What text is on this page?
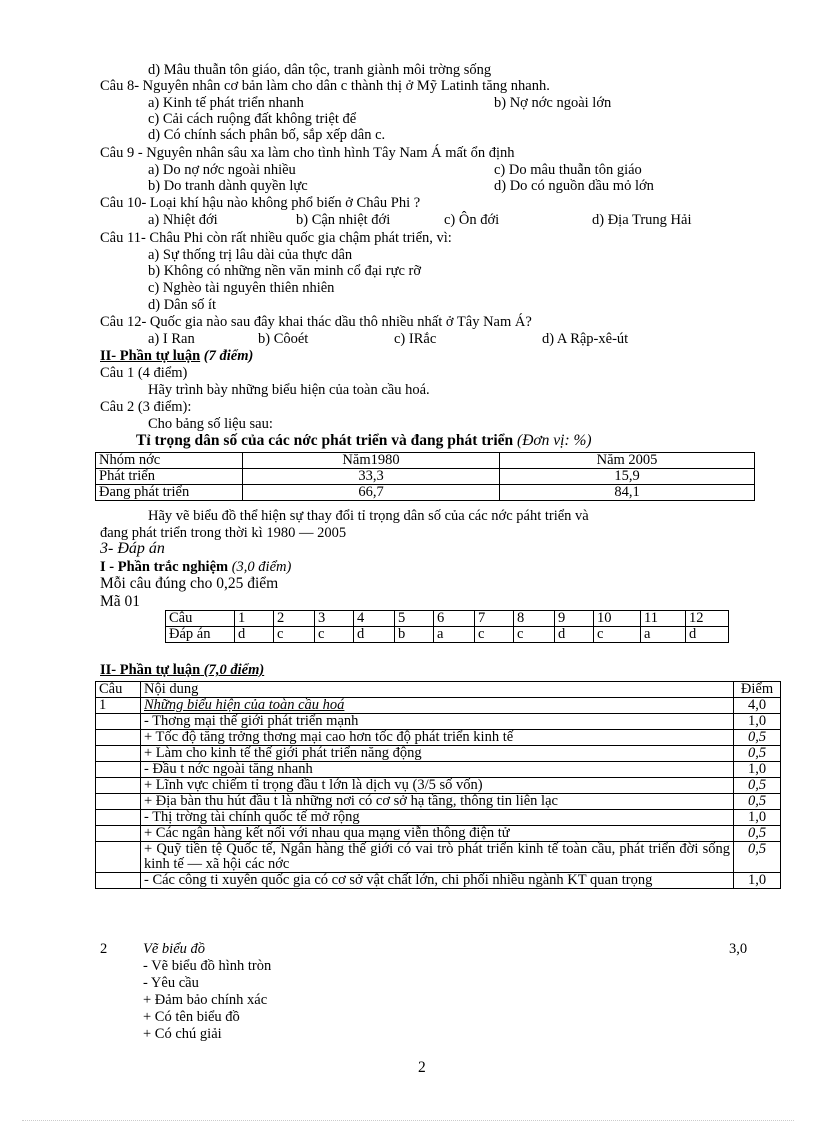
d) Mâu thuẫn tôn giáo, dân tộc, tranh giành môi trờng sống
Câu 8- Nguyên nhân cơ bản làm cho dân c thành thị ở Mỹ Latinh tăng nhanh.
a) Kinh tế phát triển nhanh	b) Nợ nớc ngoài lớn
c) Cải cách ruộng đất không triệt để
d) Có chính sách phân bố, sắp xếp dân c.
Câu 9 - Nguyên nhân sâu xa làm cho tình hình Tây Nam Á mất ổn định
a) Do nợ nớc ngoài nhiều	c) Do mâu thuẫn tôn giáo
b) Do tranh dành quyền lực	d) Do có nguồn dầu mỏ lớn
Câu 10- Loại khí hậu nào không phổ biến ở Châu Phi ?
a) Nhiệt đới	b) Cận nhiệt đới	c) Ôn đới	d) Địa Trung Hải
Câu 11- Châu Phi còn rất nhiều quốc gia chậm phát triển, vì:
a) Sự thống trị lâu dài của thực dân
b) Không có những nền văn minh cổ đại rực rỡ
c) Nghèo tài nguyên thiên nhiên
d) Dân số ít
Câu 12- Quốc gia nào sau đây khai thác dầu thô nhiều nhất ở Tây Nam Á?
a) I Ran	b) Côoét	c) IRắc	d) A Rập-xê-út
II- Phần tự luận (7 điểm)
Câu 1 (4 điểm)
Hãy trình bày những biểu hiện của toàn cầu hoá.
Câu 2 (3 điểm):
Cho bảng số liệu sau:
Tỉ trọng dân số của các nớc phát triển và đang phát triển (Đơn vị: %)
Nhóm nớc	Năm1980	Năm 2005
Phát triển	33,3	15,9
Đang phát triển	66,7	84,1
Hãy vẽ biểu đồ thể hiện sự thay đổi tỉ trọng dân số của các nớc páht triển và
đang phát triển trong thời kì 1980 — 2005
3- Đáp án
I - Phần trắc nghiệm (3,0 điểm)
Mỗi câu đúng cho 0,25 điểm
Mã 01
Câu	1	2	3	4	5	6	7	8	9	10	11	12
Đáp án	d	c	c	d	b	a	c	c	d	c	a	d
II- Phần tự luận (7,0 điểm)
Câu	Nội dung	Điểm
1	Những biểu hiện của toàn cầu hoá	4,0
	- Thơng mại thế giới phát triển mạnh	1,0
	+ Tốc độ tăng trởng thơng mại cao hơn tốc độ phát triển kinh tế	0,5
	+ Làm cho kinh tế thế giới phát triển năng động	0,5
	- Đầu t nớc ngoài tăng nhanh	1,0
	+ Lĩnh vực chiếm tỉ trọng đầu t lớn là dịch vụ (3/5 số vốn)	0,5
	+ Địa bàn thu hút đầu t là những nơi có cơ sở hạ tầng, thông tin liên lạc	0,5
	- Thị trờng tài chính quốc tế mở rộng	1,0
	+ Các ngân hàng kết nối với nhau qua mạng viễn thông điện tử	0,5
	+ Quỹ tiền tệ Quốc tế, Ngân hàng thế giới có vai trò phát triển kinh tế toàn cầu, phát triển đời sống kinh tế — xã hội các nớc	0,5
	- Các công ti xuyên quốc gia có cơ sở vật chất lớn, chi phối nhiều ngành KT quan trọng	1,0
2 Vẽ biểu đồ	3,0
- Vẽ biểu đồ hình tròn
- Yêu cầu
+ Đảm bảo chính xác
+ Có tên biểu đồ
+ Có chú giải
2
